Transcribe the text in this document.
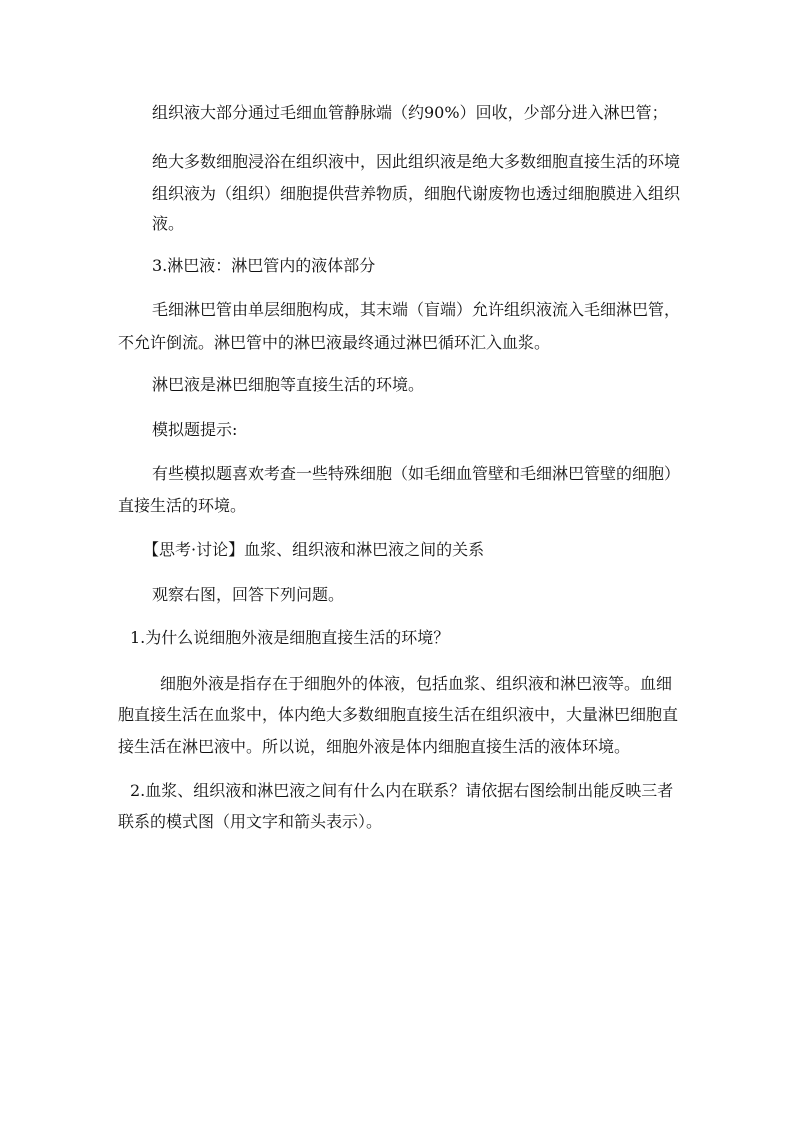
组织液大部分通过毛细血管静脉端（约90%）回收，少部分进入淋巴管；
绝大多数细胞浸浴在组织液中，因此组织液是绝大多数细胞直接生活的环境
组织液为（组织）细胞提供营养物质，细胞代谢废物也透过细胞膜进入组织
液。
3.淋巴液：淋巴管内的液体部分
毛细淋巴管由单层细胞构成，其末端（盲端）允许组织液流入毛细淋巴管，
不允许倒流。淋巴管中的淋巴液最终通过淋巴循环汇入血浆。
淋巴液是淋巴细胞等直接生活的环境。
模拟题提示:
有些模拟题喜欢考查一些特殊细胞（如毛细血管壁和毛细淋巴管壁的细胞）
直接生活的环境。
【思考·讨论】血浆、组织液和淋巴液之间的关系
观察右图，回答下列问题。
1.为什么说细胞外液是细胞直接生活的环境？
细胞外液是指存在于细胞外的体液，包括血浆、组织液和淋巴液等。血细
胞直接生活在血浆中，体内绝大多数细胞直接生活在组织液中，大量淋巴细胞直
接生活在淋巴液中。所以说，细胞外液是体内细胞直接生活的液体环境。
2.血浆、组织液和淋巴液之间有什么内在联系？请依据右图绘制出能反映三者
联系的模式图（用文字和箭头表示）。
